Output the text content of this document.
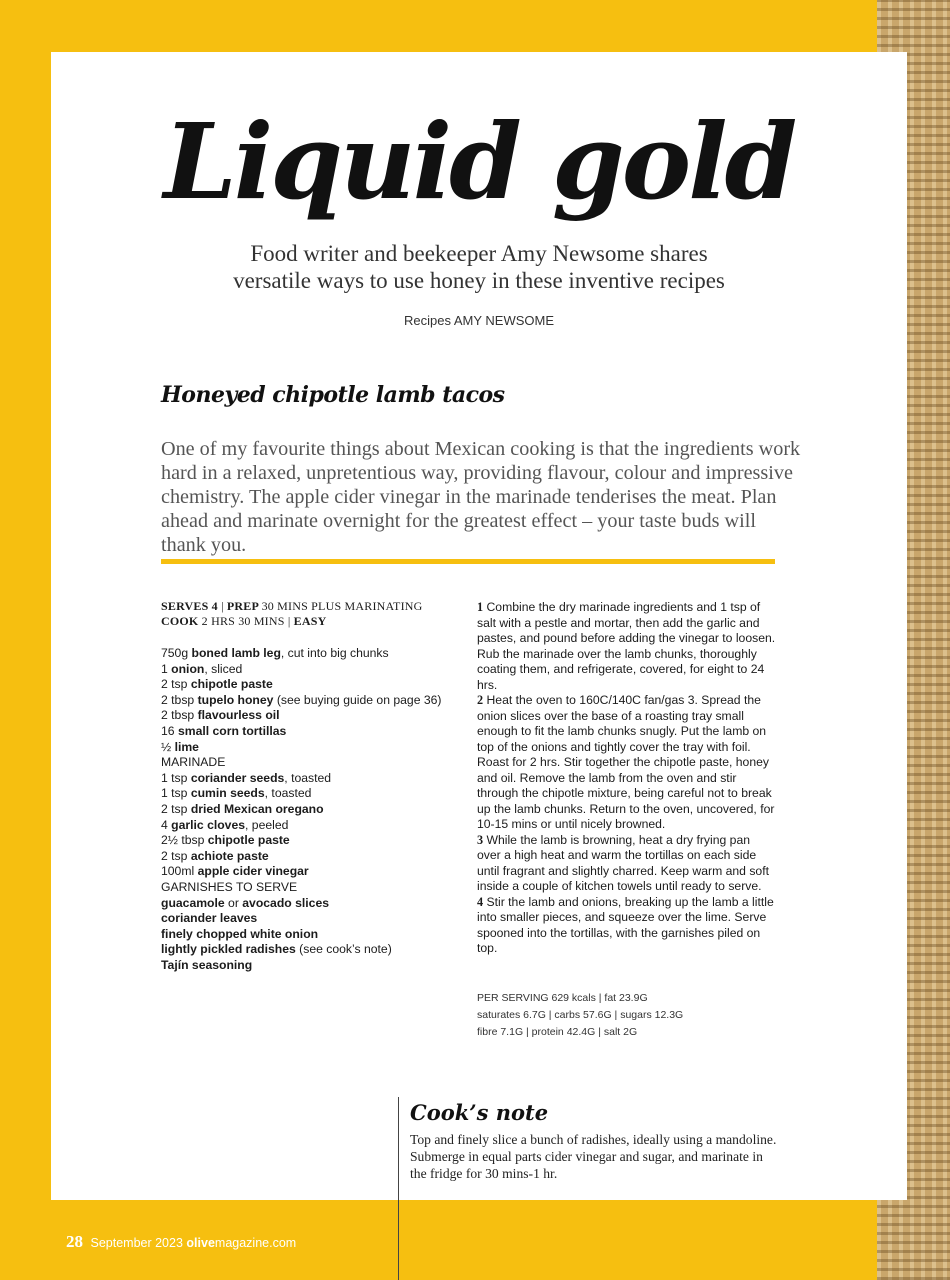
Liquid gold
Food writer and beekeeper Amy Newsome shares
versatile ways to use honey in these inventive recipes
Recipes AMY NEWSOME
Honeyed chipotle lamb tacos
One of my favourite things about Mexican cooking is that the ingredients work hard in a relaxed, unpretentious way, providing flavour, colour and impressive chemistry. The apple cider vinegar in the marinade tenderises the meat. Plan ahead and marinate overnight for the greatest effect – your taste buds will thank you.
SERVES 4 | PREP 30 MINS PLUS MARINATING
COOK 2 HRS 30 MINS | EASY
750g boned lamb leg, cut into big chunks
1 onion, sliced
2 tsp chipotle paste
2 tbsp tupelo honey (see buying guide on page 36)
2 tbsp flavourless oil
16 small corn tortillas
½ lime
MARINADE
1 tsp coriander seeds, toasted
1 tsp cumin seeds, toasted
2 tsp dried Mexican oregano
4 garlic cloves, peeled
2½ tbsp chipotle paste
2 tsp achiote paste
100ml apple cider vinegar
GARNISHES TO SERVE
guacamole or avocado slices
coriander leaves
finely chopped white onion
lightly pickled radishes (see cook’s note)
Tajín seasoning
1 Combine the dry marinade ingredients and 1 tsp of salt with a pestle and mortar, then add the garlic and pastes, and pound before adding the vinegar to loosen. Rub the marinade over the lamb chunks, thoroughly coating them, and refrigerate, covered, for eight to 24 hrs.
2 Heat the oven to 160C/140C fan/gas 3. Spread the onion slices over the base of a roasting tray small enough to fit the lamb chunks snugly. Put the lamb on top of the onions and tightly cover the tray with foil. Roast for 2 hrs. Stir together the chipotle paste, honey and oil. Remove the lamb from the oven and stir through the chipotle mixture, being careful not to break up the lamb chunks. Return to the oven, uncovered, for 10-15 mins or until nicely browned.
3 While the lamb is browning, heat a dry frying pan over a high heat and warm the tortillas on each side until fragrant and slightly charred. Keep warm and soft inside a couple of kitchen towels until ready to serve.
4 Stir the lamb and onions, breaking up the lamb a little into smaller pieces, and squeeze over the lime. Serve spooned into the tortillas, with the garnishes piled on top.
PER SERVING 629 kcals | fat 23.9G
saturates 6.7G | carbs 57.6G | sugars 12.3G
fibre 7.1G | protein 42.4G | salt 2G
Cook’s note
Top and finely slice a bunch of radishes, ideally using a mandoline. Submerge in equal parts cider vinegar and sugar, and marinate in the fridge for 30 mins-1 hr.
28 September 2023 olivemagazine.com
